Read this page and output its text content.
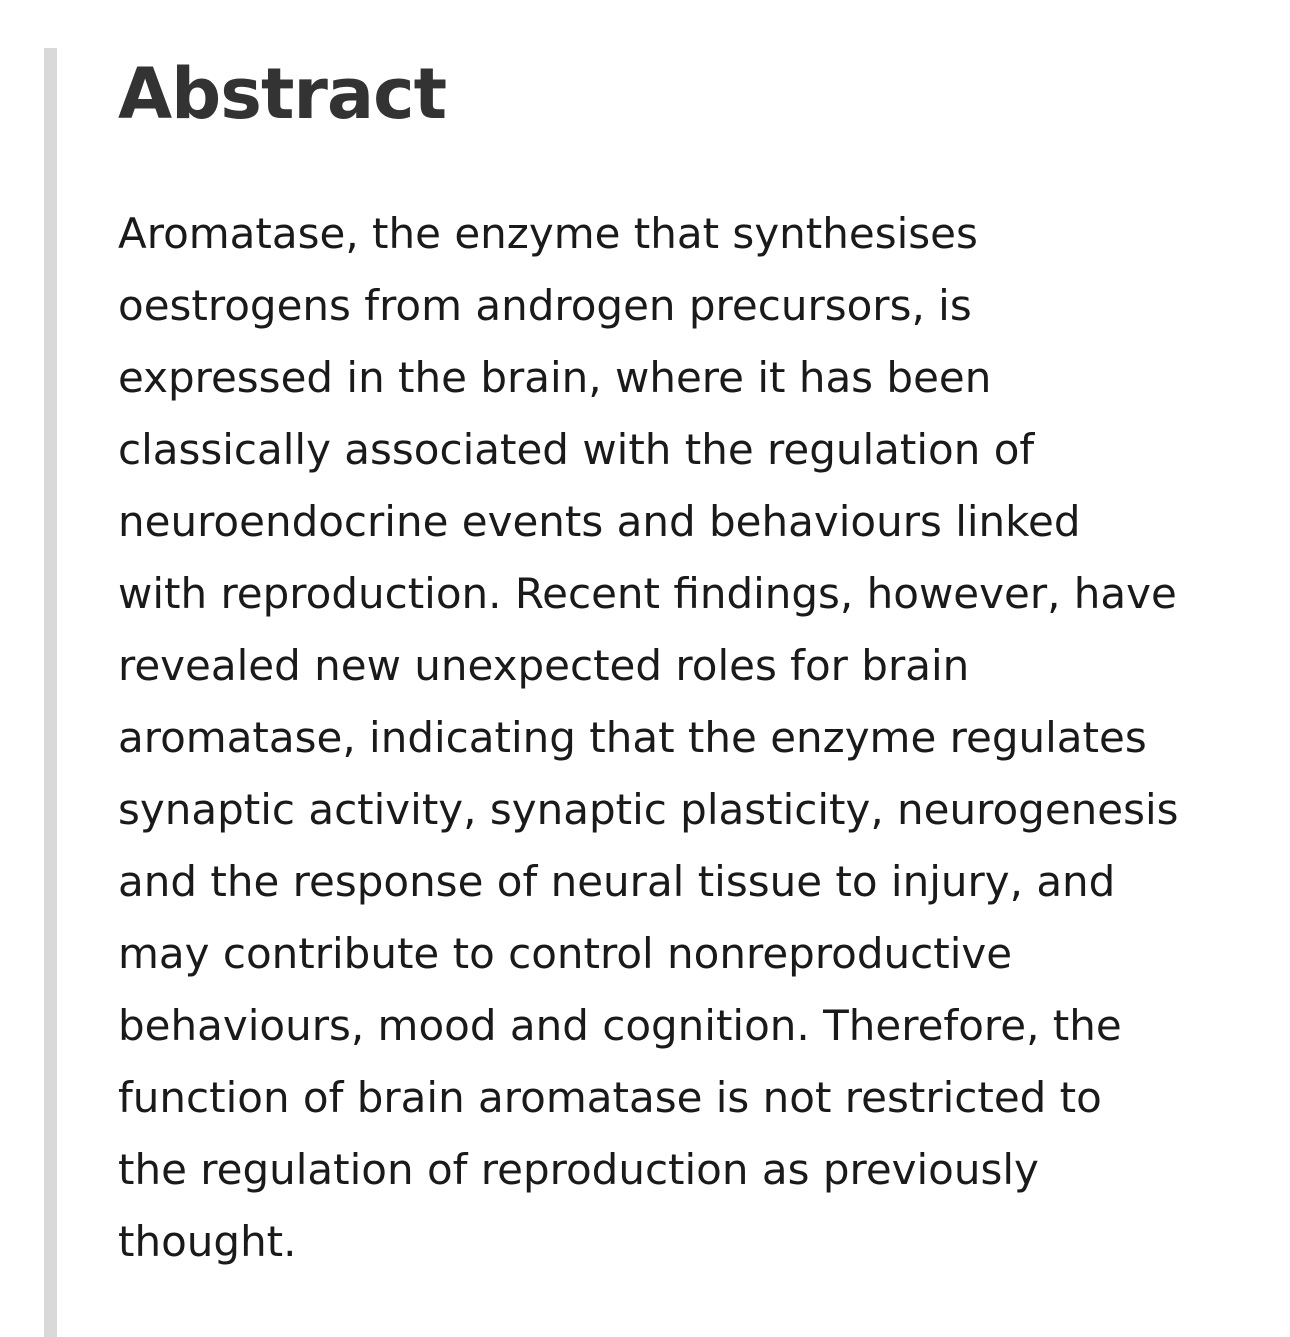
Abstract
Aromatase, the enzyme that synthesises
oestrogens from androgen precursors, is
expressed in the brain, where it has been
classically associated with the regulation of
neuroendocrine events and behaviours linked
with reproduction. Recent findings, however, have
revealed new unexpected roles for brain
aromatase, indicating that the enzyme regulates
synaptic activity, synaptic plasticity, neurogenesis
and the response of neural tissue to injury, and
may contribute to control nonreproductive
behaviours, mood and cognition. Therefore, the
function of brain aromatase is not restricted to
the regulation of reproduction as previously
thought.
